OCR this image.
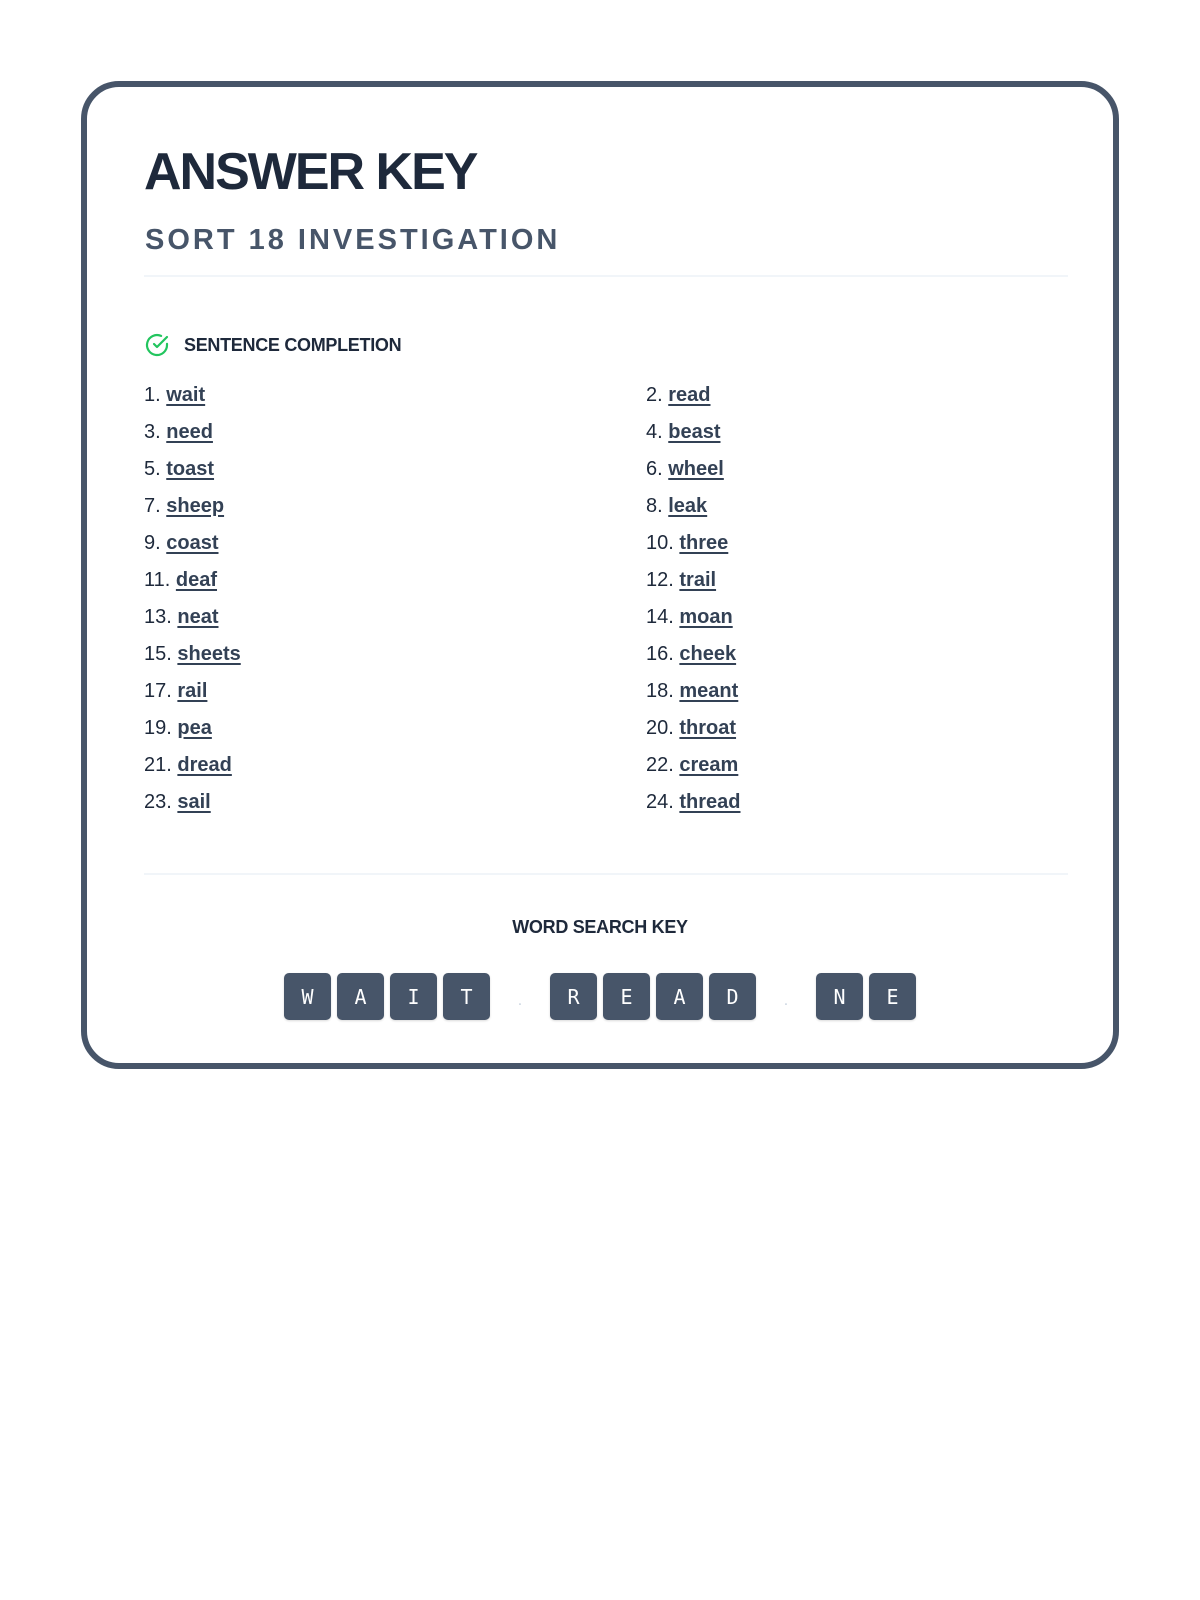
ANSWER KEY
SORT 18 INVESTIGATION
SENTENCE COMPLETION
1. wait	2. read
3. need	4. beast
5. toast	6. wheel
7. sheep	8. leak
9. coast	10. three
11. deaf	12. trail
13. neat	14. moan
15. sheets	16. cheek
17. rail	18. meant
19. pea	20. throat
21. dread	22. cream
23. sail	24. thread

WORD SEARCH KEY

W	A	I	T	.	R	E	A	D	.	N	E
